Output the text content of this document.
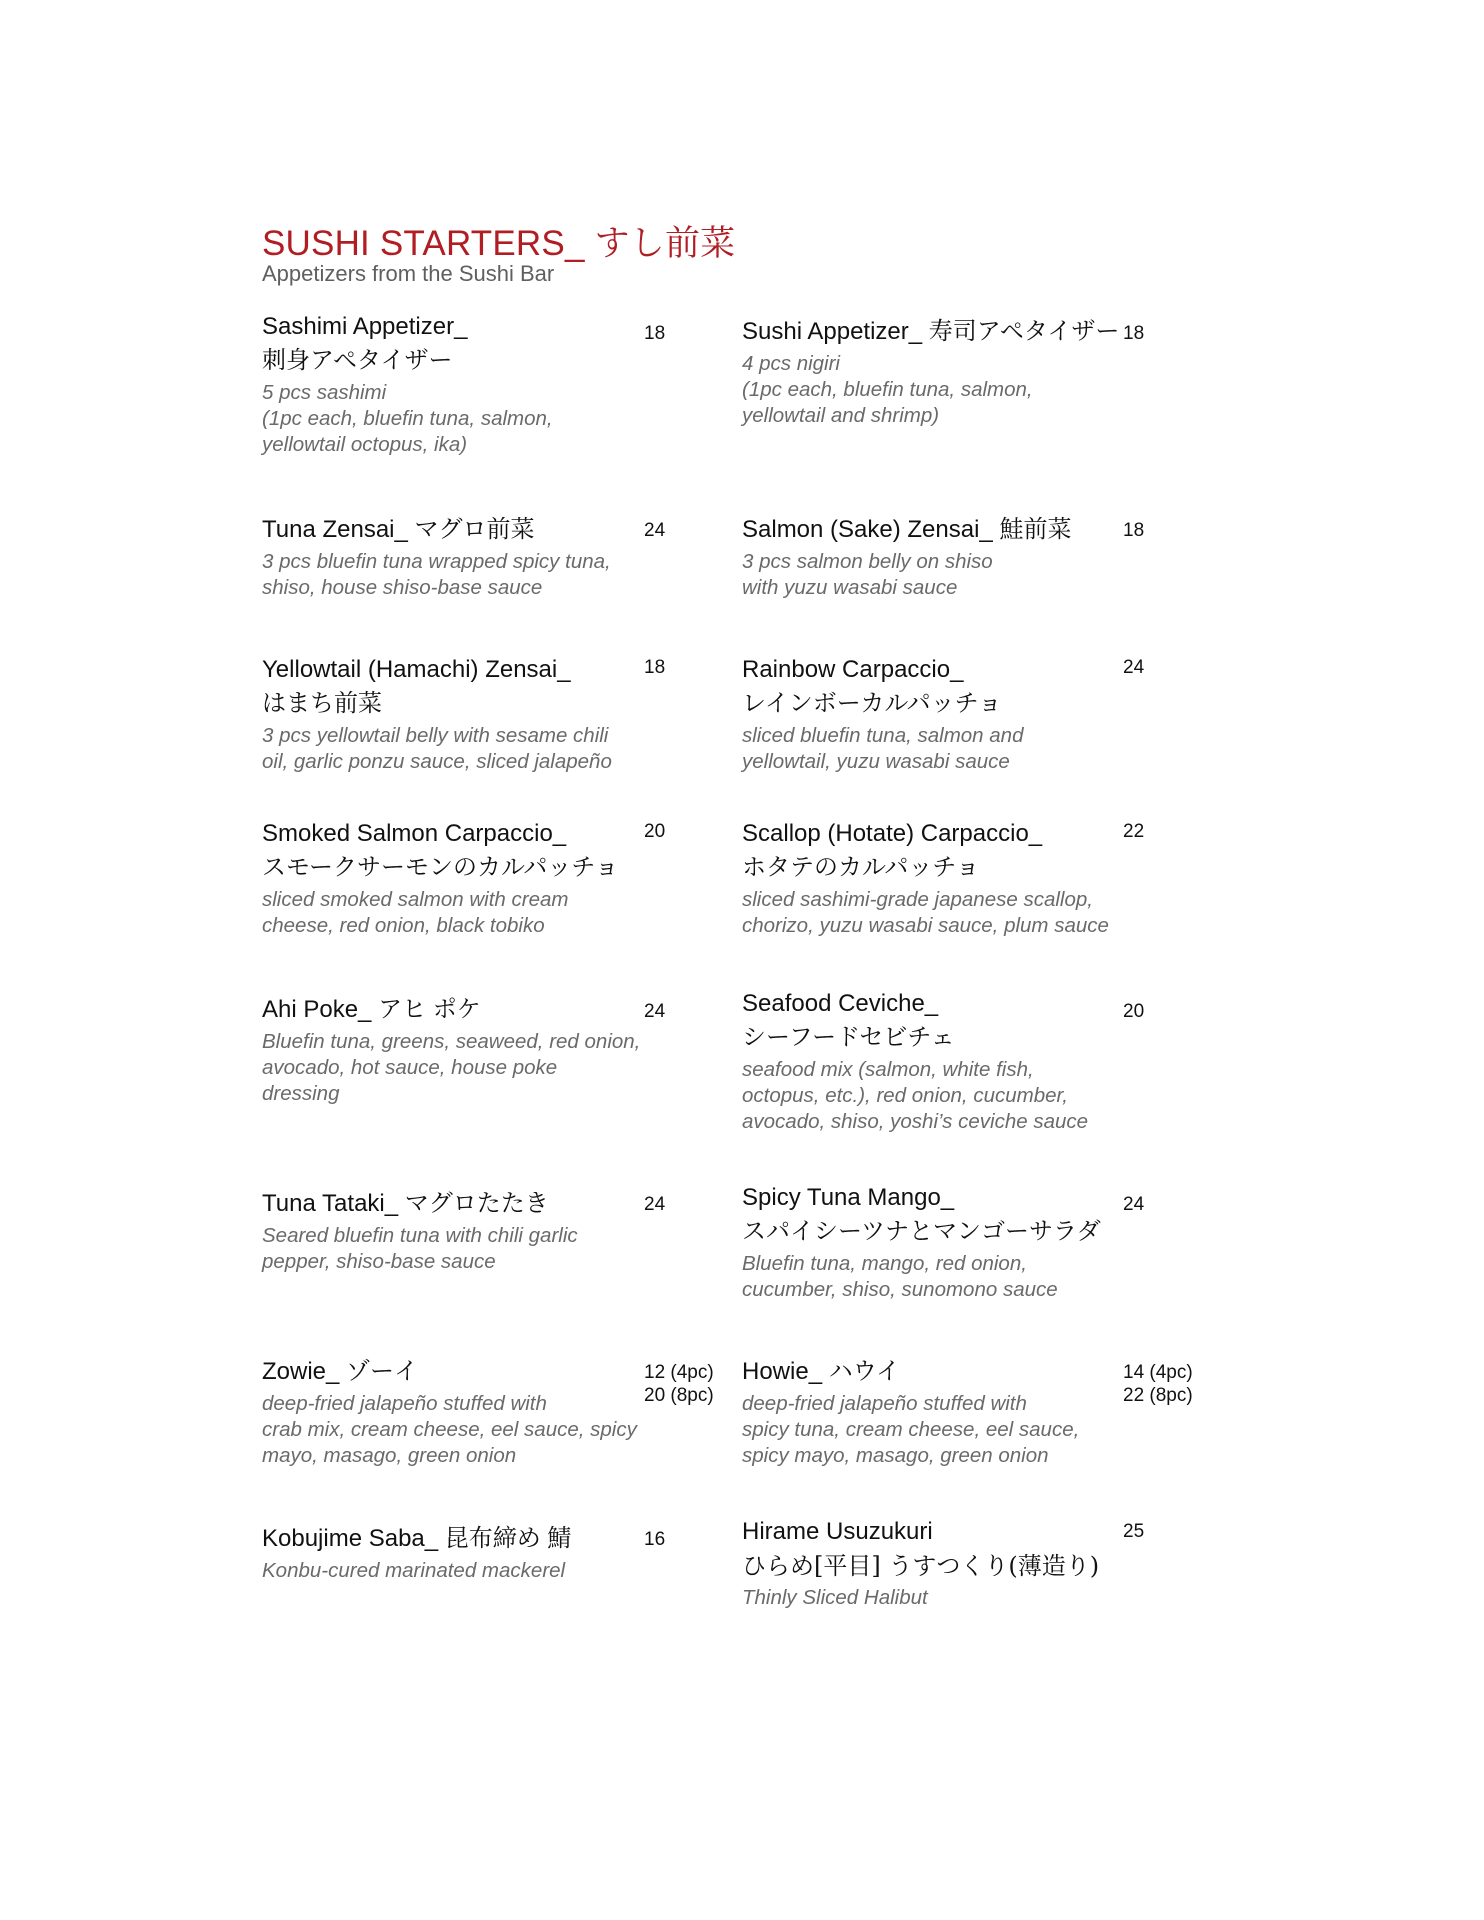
SUSHI STARTERS_ すし前菜
Appetizers from the Sushi Bar
Sashimi Appetizer_
刺身アペタイザー
5 pcs sashimi
(1pc each, bluefin tuna, salmon,
yellowtail octopus, ika)
18	Sushi Appetizer_ 寿司アペタイザー
4 pcs nigiri
(1pc each, bluefin tuna, salmon,
yellowtail and shrimp)
18
Tuna Zensai_ マグロ前菜
3 pcs bluefin tuna wrapped spicy tuna,
shiso, house shiso-base sauce
24	Salmon (Sake) Zensai_ 鮭前菜
3 pcs salmon belly on shiso
with yuzu wasabi sauce
18
Yellowtail (Hamachi) Zensai_
はまち前菜
3 pcs yellowtail belly with sesame chili
oil, garlic ponzu sauce, sliced jalapeño
18	Rainbow Carpaccio_
レインボーカルパッチョ
sliced bluefin tuna, salmon and
yellowtail, yuzu wasabi sauce
24
Smoked Salmon Carpaccio_
スモークサーモンのカルパッチョ
sliced smoked salmon with cream
cheese, red onion, black tobiko
20	Scallop (Hotate) Carpaccio_
ホタテのカルパッチョ
sliced sashimi-grade japanese scallop,
chorizo, yuzu wasabi sauce, plum sauce
22
Ahi Poke_ アヒ ポケ
Bluefin tuna, greens, seaweed, red onion,
avocado, hot sauce, house poke
dressing
24	Seafood Ceviche_
シーフードセビチェ
seafood mix (salmon, white fish,
octopus, etc.), red onion, cucumber,
avocado, shiso, yoshi’s ceviche sauce
20
Tuna Tataki_ マグロたたき
Seared bluefin tuna with chili garlic
pepper, shiso-base sauce
24	Spicy Tuna Mango_
スパイシーツナとマンゴーサラダ
Bluefin tuna, mango, red onion,
cucumber, shiso, sunomono sauce
24
Zowie_ ゾーイ
deep-fried jalapeño stuffed with
crab mix, cream cheese, eel sauce, spicy
mayo, masago, green onion
12 (4pc)
20 (8pc)
Howie_ ハウイ
deep-fried jalapeño stuffed with
spicy tuna, cream cheese, eel sauce,
spicy mayo, masago, green onion
14 (4pc)
22 (8pc)
Kobujime Saba_ 昆布締め 鯖
Konbu-cured marinated mackerel
16	Hirame Usuzukuri
ひらめ[平目] うすつくり(薄造り)
Thinly Sliced Halibut
25
